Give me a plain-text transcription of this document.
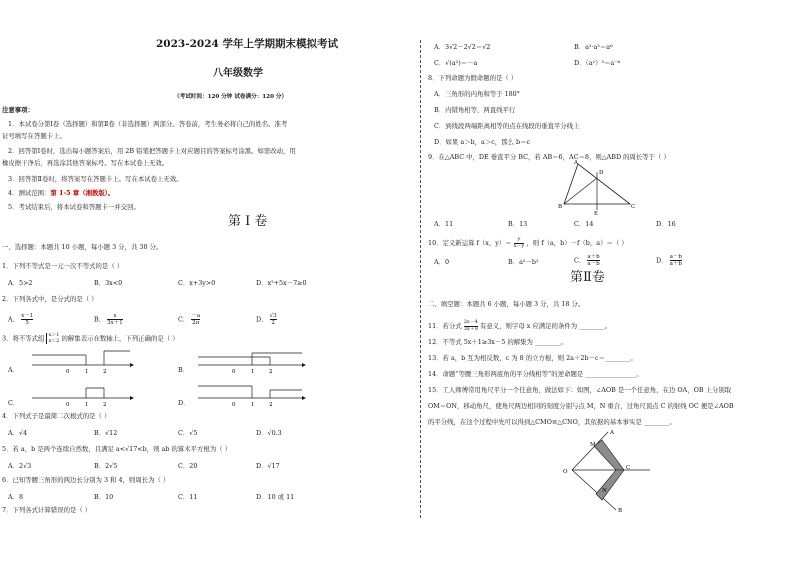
2023-2024 学年上学期期末模拟考试
八年级数学
（考试时间：120 分钟 试卷满分：120 分）
注意事项：
1．本试卷分第Ⅰ卷（选择题）和第Ⅱ卷（非选择题）两部分。答卷前，考生务必将自己的姓名、准考
证号填写在答题卡上。
2．回答第Ⅰ卷时，选出每小题答案后，用 2B 铅笔把答题卡上对应题目的答案标号涂黑。如需改动，用
橡皮擦干净后，再选涂其他答案标号。写在本试卷上无效。
3．回答第Ⅱ卷时，将答案写在答题卡上。写在本试卷上无效。
4．测试范围：第 1-5 章（湘教版）。
5．考试结束后，将本试卷和答题卡一并交回。
第 I 卷
一、选择题：本题共 10 小题，每小题 3 分，共 30 分。
1．下列不等式是一元一次不等式的是（ ）
A．5>2	B．3x<0	C．x+3y>0	D．x²+5x－7≥0
2．下列各式中，是分式的是（ ）
A． $\frac{x-1}{5}$	B． $\frac{x}{3x+1}$	C． $\frac{-a}{2\pi}$	D． $\frac{√3}{2}$
3．将不等式组 x＞1
x＜2 的解集表示在数轴上，下列正确的是（ ）
A．	0	1	2	B．	0	1	2
C．	0	1	2	D．	0	1	2
4．下列式子是最简二次根式的是（ ）
A．√4	B．√12	C．√5	D．√0.3
5．若 a，b 是两个连续自然数，且满足 a<√17<b，则 ab 的算术平方根为（ ）
A．2√3	B．2√5	C．20	D．√17
6．已知等腰三角形的两边长分别为 3 和 4，则周长为（ ）
A．8	B．10	C．11	D．10 或 11
7．下列各式计算错误的是（ ）
A．3√2－2√2＝√2	B．a²·a³＝a⁶
C．√(a²)＝－a	D．（a²）³＝a⁻⁶
8．下列命题为假命题的是（ ）
A．三角形的内角和等于 180°
B．内错角相等，两直线平行
C．到线段两端距离相等的点在线段的垂直平分线上
D．如果 a＞b，a＞c，那么 b＝c
9．在△ABC 中，DE 垂直平分 BC，若 AB＝6，AC＝8，则△ABD 的周长等于（ ）
A
D
B
E
C
A．11	B．13	C．14	D．16
10．定义新运算 f（x，$y)= \frac{y}{x-y}$ ，则 f（a，b）－f（b，a）＝（ ）
A．0	B．a²－b²	C． $\frac{a+b}{a-b}$	D． $\frac{a-b}{a+b}$
第Ⅱ卷
二、填空题：本题共 6 小题，每小题 3 分，共 18 分。
11．若分式 $\frac{2x-4}{3x+8}$ 有意义，则字母 x 应满足的条件为 ________。
12．不等式 5x＋1≥3x－5 的解集为 ________。
13．若 a，b 互为相反数，c 为 8 的立方根，则 2a＋2b－c＝________。
14．命题“等腰三角形两底角的平分线相等”的逆命题是 ________________。
15．工人师傅常用角尺平分一个任意角，做法如下：如图，∠AOB 是一个任意角，在边 OA，OB 上分别取
OM＝ON，移动角尺，使角尺两边相同的刻度分别与点 M，N 重合，过角尺顶点 C 的射线 OC 便是∠AOB
的平分线，在这个过程中先可以得到△CMO≌△CNO，其依据的基本事实是 ________。
A
M
O
C
N
B
